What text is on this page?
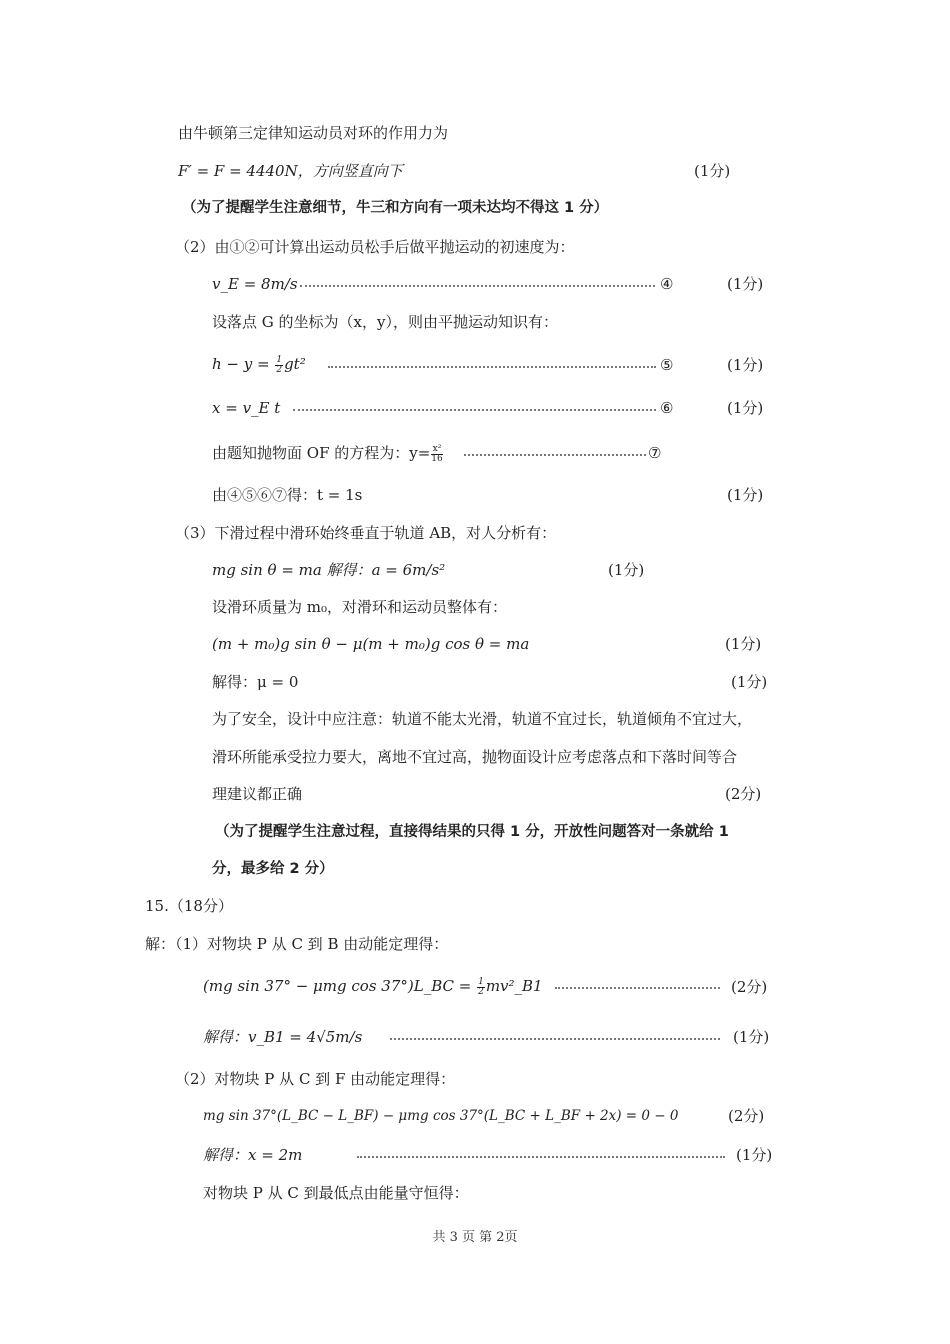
由牛顿第三定律知运动员对环的作用力为
F′ = F = 4440N，方向竖直向下	(1分)
（为了提醒学生注意细节，牛三和方向有一项未达均不得这 1 分）
（2）由①②可计算出运动员松手后做平抛运动的初速度为：
v_E = 8m/s	④	(1分)
设落点 G 的坐标为（x，y），则由平抛运动知识有：
$h - y = \frac{1}{2} gt^2$	⑤	(1分)
x = v_E t	⑥	(1分)
由题知抛物面 OF 的方程为：$y= \frac{\text{x²}}{16}$	⑦
由④⑤⑥⑦得：t = 1s	(1分)
（3）下滑过程中滑环始终垂直于轨道 AB，对人分析有：
mg sin θ = ma 解得：a = 6m/s²	(1分)
设滑环质量为 m₀，对滑环和运动员整体有：
(m + m₀)g sin θ − μ(m + m₀)g cos θ = ma	(1分)
解得：μ = 0	(1分)
为了安全，设计中应注意：轨道不能太光滑，轨道不宜过长，轨道倾角不宜过大，
滑环所能承受拉力要大，离地不宜过高，抛物面设计应考虑落点和下落时间等合
理建议都正确	(2分)
（为了提醒学生注意过程，直接得结果的只得 1 分，开放性问题答对一条就给 1
分，最多给 2 分）
15.（18分）
解：（1）对物块 P 从 C 到 B 由动能定理得：
(mg sin 37° − μmg cos 37°)L_BC = $\frac{1}{2}$ mv²_B1	(2分)
解得：v_B1 = 4√5m/s	(1分)
（2）对物块 P 从 C 到 F 由动能定理得：
mg sin 37°(L_BC − L_BF) − μmg cos 37°(L_BC + L_BF + 2x) = 0 − 0	(2分)
解得：x = 2m	(1分)
对物块 P 从 C 到最低点由能量守恒得：
共 3 页 第 2页
